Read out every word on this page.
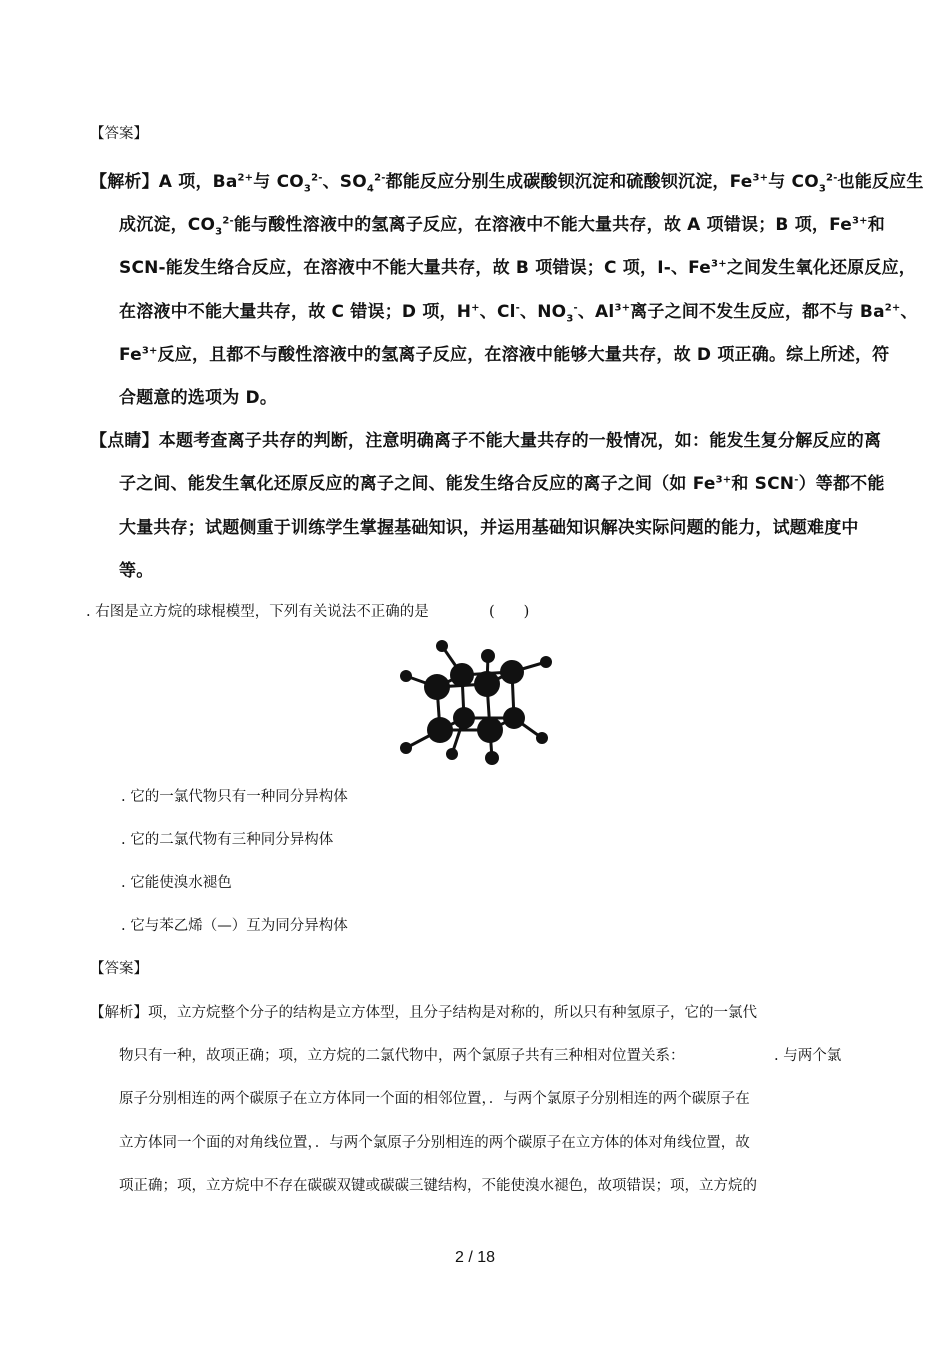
【答案】
【解析】A 项，$Ba^{2+}$与 $CO_3^{2-}$、$SO_4^{2-}$都能反应分别生成碳酸钡沉淀和硫酸钡沉淀，$Fe^{3+}$与 $CO_3^{2-}$也能反应生
成沉淀，$CO_3^{2-}$能与酸性溶液中的氢离子反应，在溶液中不能大量共存，故 A 项错误；B 项，$Fe^{3+}$和
SCN-能发生络合反应，在溶液中不能大量共存，故 B 项错误；C 项，I-、$Fe^{3+}$之间发生氧化还原反应，
在溶液中不能大量共存，故 C 错误；D 项，H+、Cl-、$NO_3^-$、$Al^{3+}$离子之间不发生反应，都不与 $Ba^{2+}$、
$Fe^{3+}$反应，且都不与酸性溶液中的氢离子反应，在溶液中能够大量共存，故 D 项正确。综上所述，符
合题意的选项为 D。
【点睛】本题考查离子共存的判断，注意明确离子不能大量共存的一般情况，如：能发生复分解反应的离
子之间、能发生氧化还原反应的离子之间、能发生络合反应的离子之间（如 $Fe^{3+}$和 SCN-）等都不能
大量共存；试题侧重于训练学生掌握基础知识，并运用基础知识解决实际问题的能力，试题难度中
等。
. 右图是立方烷的球棍模型，下列有关说法不正确的是	(　　)
. 它的一氯代物只有一种同分异构体
. 它的二氯代物有三种同分异构体
. 它能使溴水褪色
. 它与苯乙烯（—）互为同分异构体
【答案】
【解析】项，立方烷整个分子的结构是立方体型，且分子结构是对称的，所以只有种氢原子，它的一氯代
物只有一种，故项正确；项，立方烷的二氯代物中，两个氯原子共有三种相对位置关系：	. 与两个氯
原子分别相连的两个碳原子在立方体同一个面的相邻位置，．与两个氯原子分别相连的两个碳原子在
立方体同一个面的对角线位置，．与两个氯原子分别相连的两个碳原子在立方体的体对角线位置，故
项正确；项，立方烷中不存在碳碳双键或碳碳三键结构，不能使溴水褪色，故项错误；项，立方烷的
2 / 18
